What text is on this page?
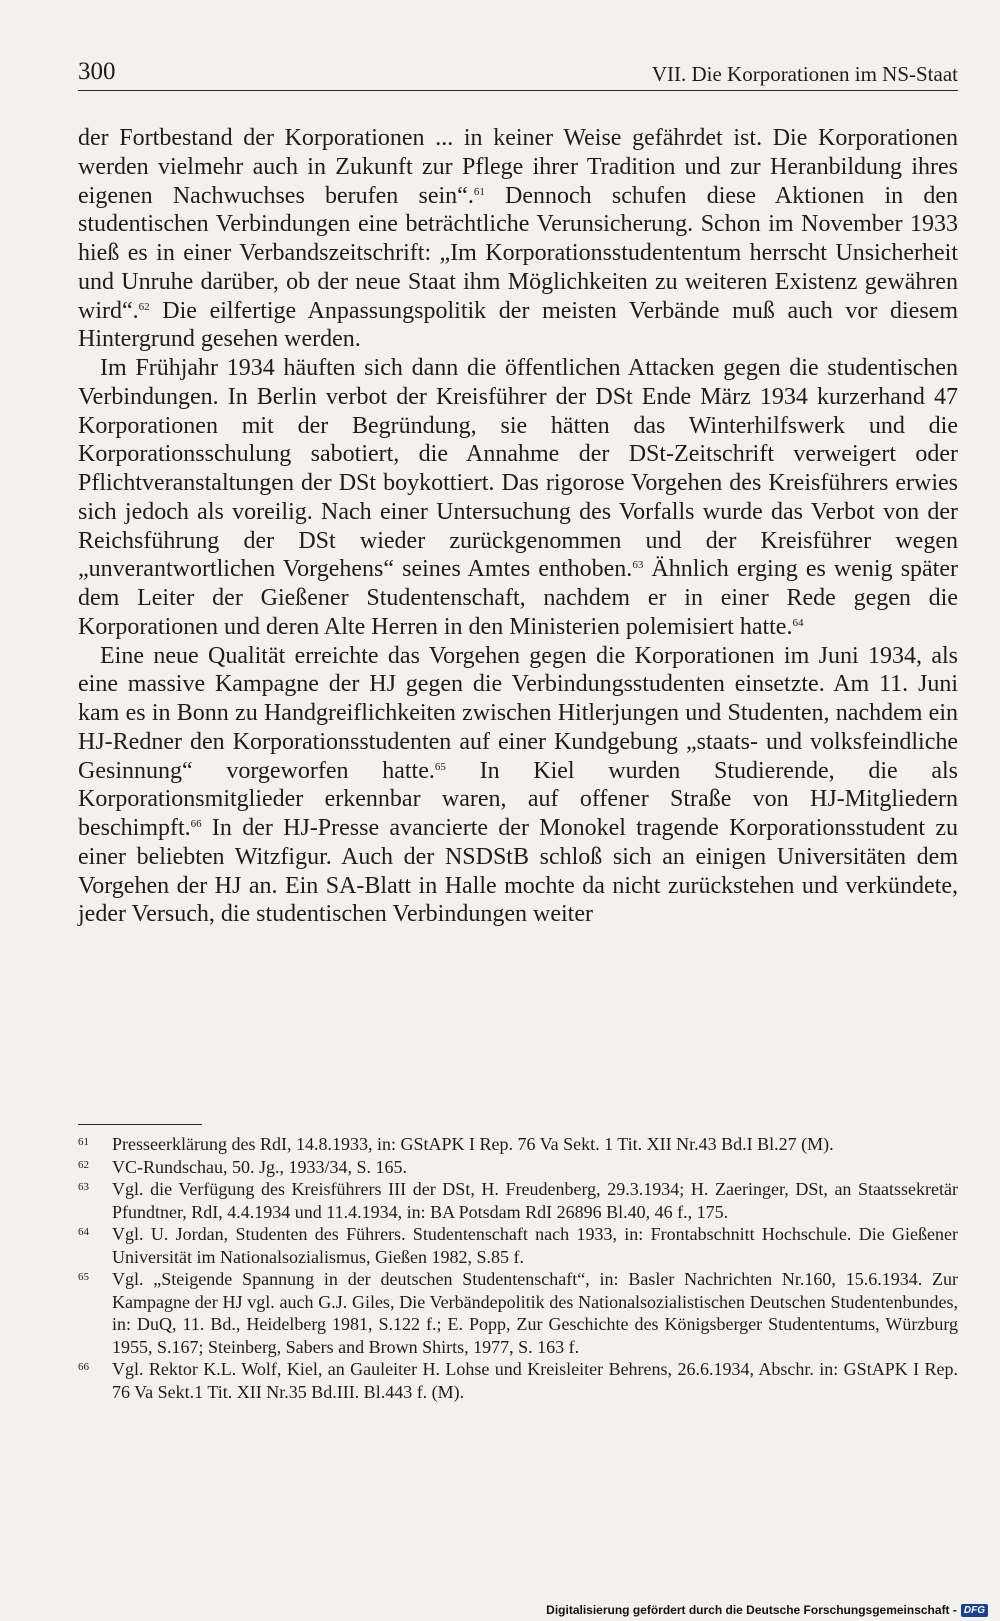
300	VII. Die Korporationen im NS-Staat

der Fortbestand der Korporationen ... in keiner Weise gefährdet ist. Die Korporationen werden vielmehr auch in Zukunft zur Pflege ihrer Tradition und zur Heranbildung ihres eigenen Nachwuchses berufen sein“.$^{61}$ Dennoch schufen diese Aktionen in den studentischen Verbindungen eine beträchtliche Verunsicherung. Schon im November 1933 hieß es in einer Verbandszeitschrift: „Im Korporationsstudententum herrscht Unsicherheit und Unruhe darüber, ob der neue Staat ihm Möglichkeiten zu weiteren Existenz gewähren wird“.$^{62}$ Die eilfertige Anpassungspolitik der meisten Verbände muß auch vor diesem Hintergrund gesehen werden.

Im Frühjahr 1934 häuften sich dann die öffentlichen Attacken gegen die studentischen Verbindungen. In Berlin verbot der Kreisführer der DSt Ende März 1934 kurzerhand 47 Korporationen mit der Begründung, sie hätten das Winterhilfswerk und die Korporationsschulung sabotiert, die Annahme der DSt-Zeitschrift verweigert oder Pflichtveranstaltungen der DSt boykottiert. Das rigorose Vorgehen des Kreisführers erwies sich jedoch als voreilig. Nach einer Untersuchung des Vorfalls wurde das Verbot von der Reichsführung der DSt wieder zurückgenommen und der Kreisführer wegen „unverantwortlichen Vorgehens“ seines Amtes enthoben.$^{63}$ Ähnlich erging es wenig später dem Leiter der Gießener Studentenschaft, nachdem er in einer Rede gegen die Korporationen und deren Alte Herren in den Ministerien polemisiert hatte.$^{64}$

Eine neue Qualität erreichte das Vorgehen gegen die Korporationen im Juni 1934, als eine massive Kampagne der HJ gegen die Verbindungsstudenten einsetzte. Am 11. Juni kam es in Bonn zu Handgreiflichkeiten zwischen Hitlerjungen und Studenten, nachdem ein HJ-Redner den Korporationsstudenten auf einer Kundgebung „staats- und volksfeindliche Gesinnung“ vorgeworfen hatte.$^{65}$ In Kiel wurden Studierende, die als Korporationsmitglieder erkennbar waren, auf offener Straße von HJ-Mitgliedern beschimpft.$^{66}$ In der HJ-Presse avancierte der Monokel tragende Korporationsstudent zu einer beliebten Witzfigur. Auch der NSDStB schloß sich an einigen Universitäten dem Vorgehen der HJ an. Ein SA-Blatt in Halle mochte da nicht zurückstehen und verkündete, jeder Versuch, die studentischen Verbindungen weiter

61 Presseerklärung des RdI, 14.8.1933, in: GStAPK I Rep. 76 Va Sekt. 1 Tit. XII Nr.43 Bd.I Bl.27 (M).
62 VC-Rundschau, 50. Jg., 1933/34, S. 165.
63 Vgl. die Verfügung des Kreisführers III der DSt, H. Freudenberg, 29.3.1934; H. Zaeringer, DSt, an Staatssekretär Pfundtner, RdI, 4.4.1934 und 11.4.1934, in: BA Potsdam RdI 26896 Bl.40, 46 f., 175.
64 Vgl. U. Jordan, Studenten des Führers. Studentenschaft nach 1933, in: Frontabschnitt Hochschule. Die Gießener Universität im Nationalsozialismus, Gießen 1982, S.85 f.
65 Vgl. „Steigende Spannung in der deutschen Studentenschaft“, in: Basler Nachrichten Nr.160, 15.6.1934. Zur Kampagne der HJ vgl. auch G.J. Giles, Die Verbändepolitik des Nationalsozialistischen Deutschen Studentenbundes, in: DuQ, 11. Bd., Heidelberg 1981, S.122 f.; E. Popp, Zur Geschichte des Königsberger Studententums, Würzburg 1955, S.167; Steinberg, Sabers and Brown Shirts, 1977, S. 163 f.
66 Vgl. Rektor K.L. Wolf, Kiel, an Gauleiter H. Lohse und Kreisleiter Behrens, 26.6.1934, Abschr. in: GStAPK I Rep. 76 Va Sekt.1 Tit. XII Nr.35 Bd.III. Bl.443 f. (M).
Digitalisierung gefördert durch die Deutsche Forschungsgemeinschaft - DFG
